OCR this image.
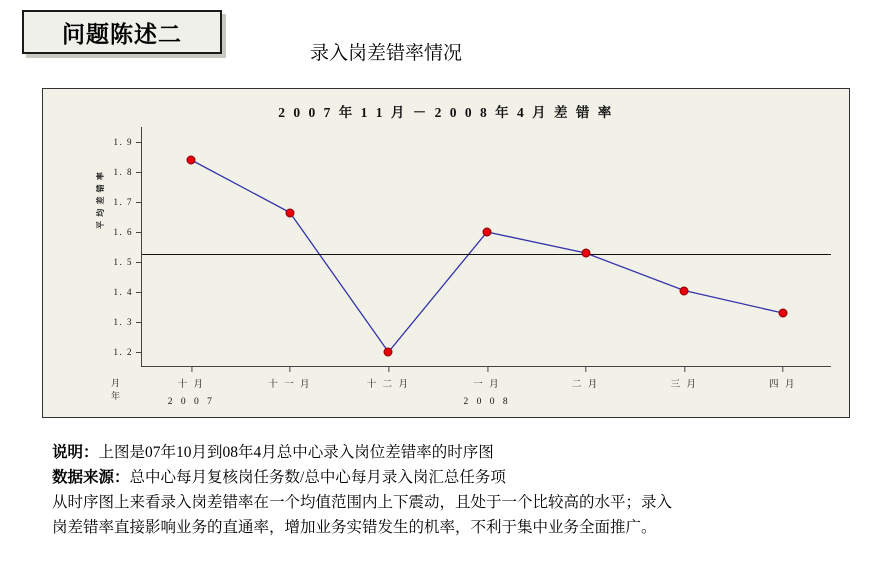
问题陈述二
录入岗差错率情况
2 0 0 7 年 1 1 月 － 2 0 0 8 年 4 月 差 错 率
平 均 差 错 率
月
年
1. 9
1. 8
1. 7
1. 6
1. 5
1. 4
1. 3
1. 2
十 月
2 0 0 7
十 一 月	十 二 月	一 月
2 0 0 8
二 月	三 月	四 月

说明：上图是07年10月到08年4月总中心录入岗位差错率的时序图

数据来源：总中心每月复核岗任务数/总中心每月录入岗汇总任务项

从时序图上来看录入岗差错率在一个均值范围内上下震动，且处于一个比较高的水平；录入

岗差错率直接影响业务的直通率，增加业务实错发生的机率，不利于集中业务全面推广。
